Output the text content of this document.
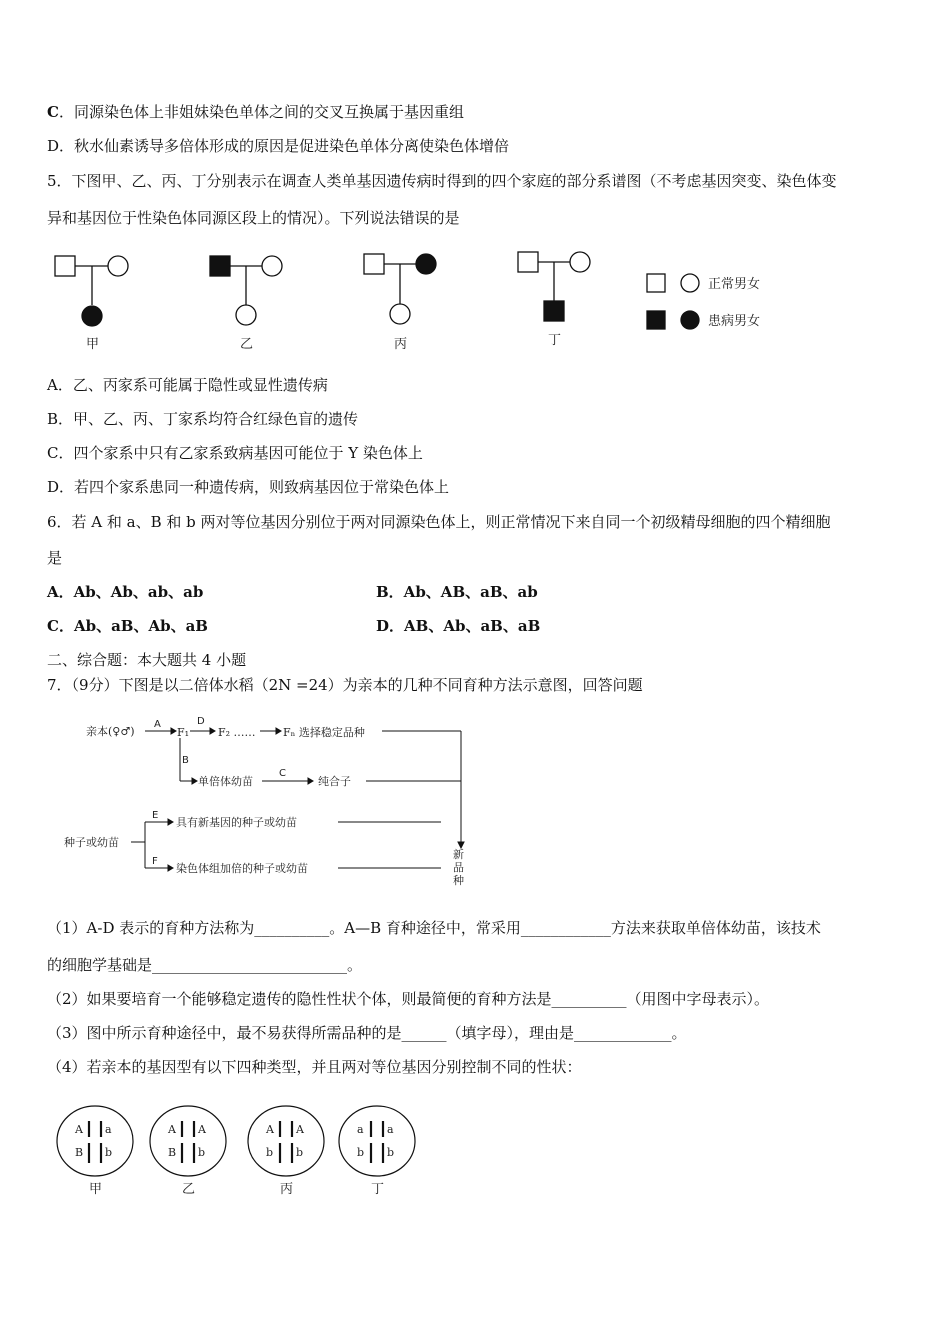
C．同源染色体上非姐妹染色单体之间的交叉互换属于基因重组
D．秋水仙素诱导多倍体形成的原因是促进染色单体分离使染色体增倍
5．下图甲、乙、丙、丁分别表示在调查人类单基因遗传病时得到的四个家庭的部分系谱图（不考虑基因突变、染色体变
异和基因位于性染色体同源区段上的情况）。下列说法错误的是
甲	乙	丙	丁
正常男女
患病男女
亲本(♀♂)
A
F₁
D
F₂ …… Fₙ 选择稳定品种
B
单倍体幼苗
C
纯合子
种子或幼苗
E
具有新基因的种子或幼苗
F
染色体组加倍的种子或幼苗
新
品
种
A a
B b
甲
A A
B b
乙
A A
b b
丙
a a
b b
丁
A．乙、丙家系可能属于隐性或显性遗传病
B．甲、乙、丙、丁家系均符合红绿色盲的遗传
C．四个家系中只有乙家系致病基因可能位于 Y 染色体上
D．若四个家系患同一种遗传病，则致病基因位于常染色体上
6．若 A 和 a、B 和 b 两对等位基因分别位于两对同源染色体上，则正常情况下来自同一个初级精母细胞的四个精细胞
是
A．Ab、Ab、ab、ab	B．Ab、AB、aB、ab
C．Ab、aB、Ab、aB	D．AB、Ab、aB、aB
二、综合题：本大题共 4 小题
7．（9分）下图是以二倍体水稻（2N =24）为亲本的几种不同育种方法示意图，回答问题
（1）A-D 表示的育种方法称为__________。A—B 育种途径中，常采用____________方法来获取单倍体幼苗，该技术
的细胞学基础是__________________________。
（2）如果要培育一个能够稳定遗传的隐性性状个体，则最简便的育种方法是__________（用图中字母表示）。
（3）图中所示育种途径中，最不易获得所需品种的是______（填字母），理由是_____________。
（4）若亲本的基因型有以下四种类型，并且两对等位基因分别控制不同的性状：
